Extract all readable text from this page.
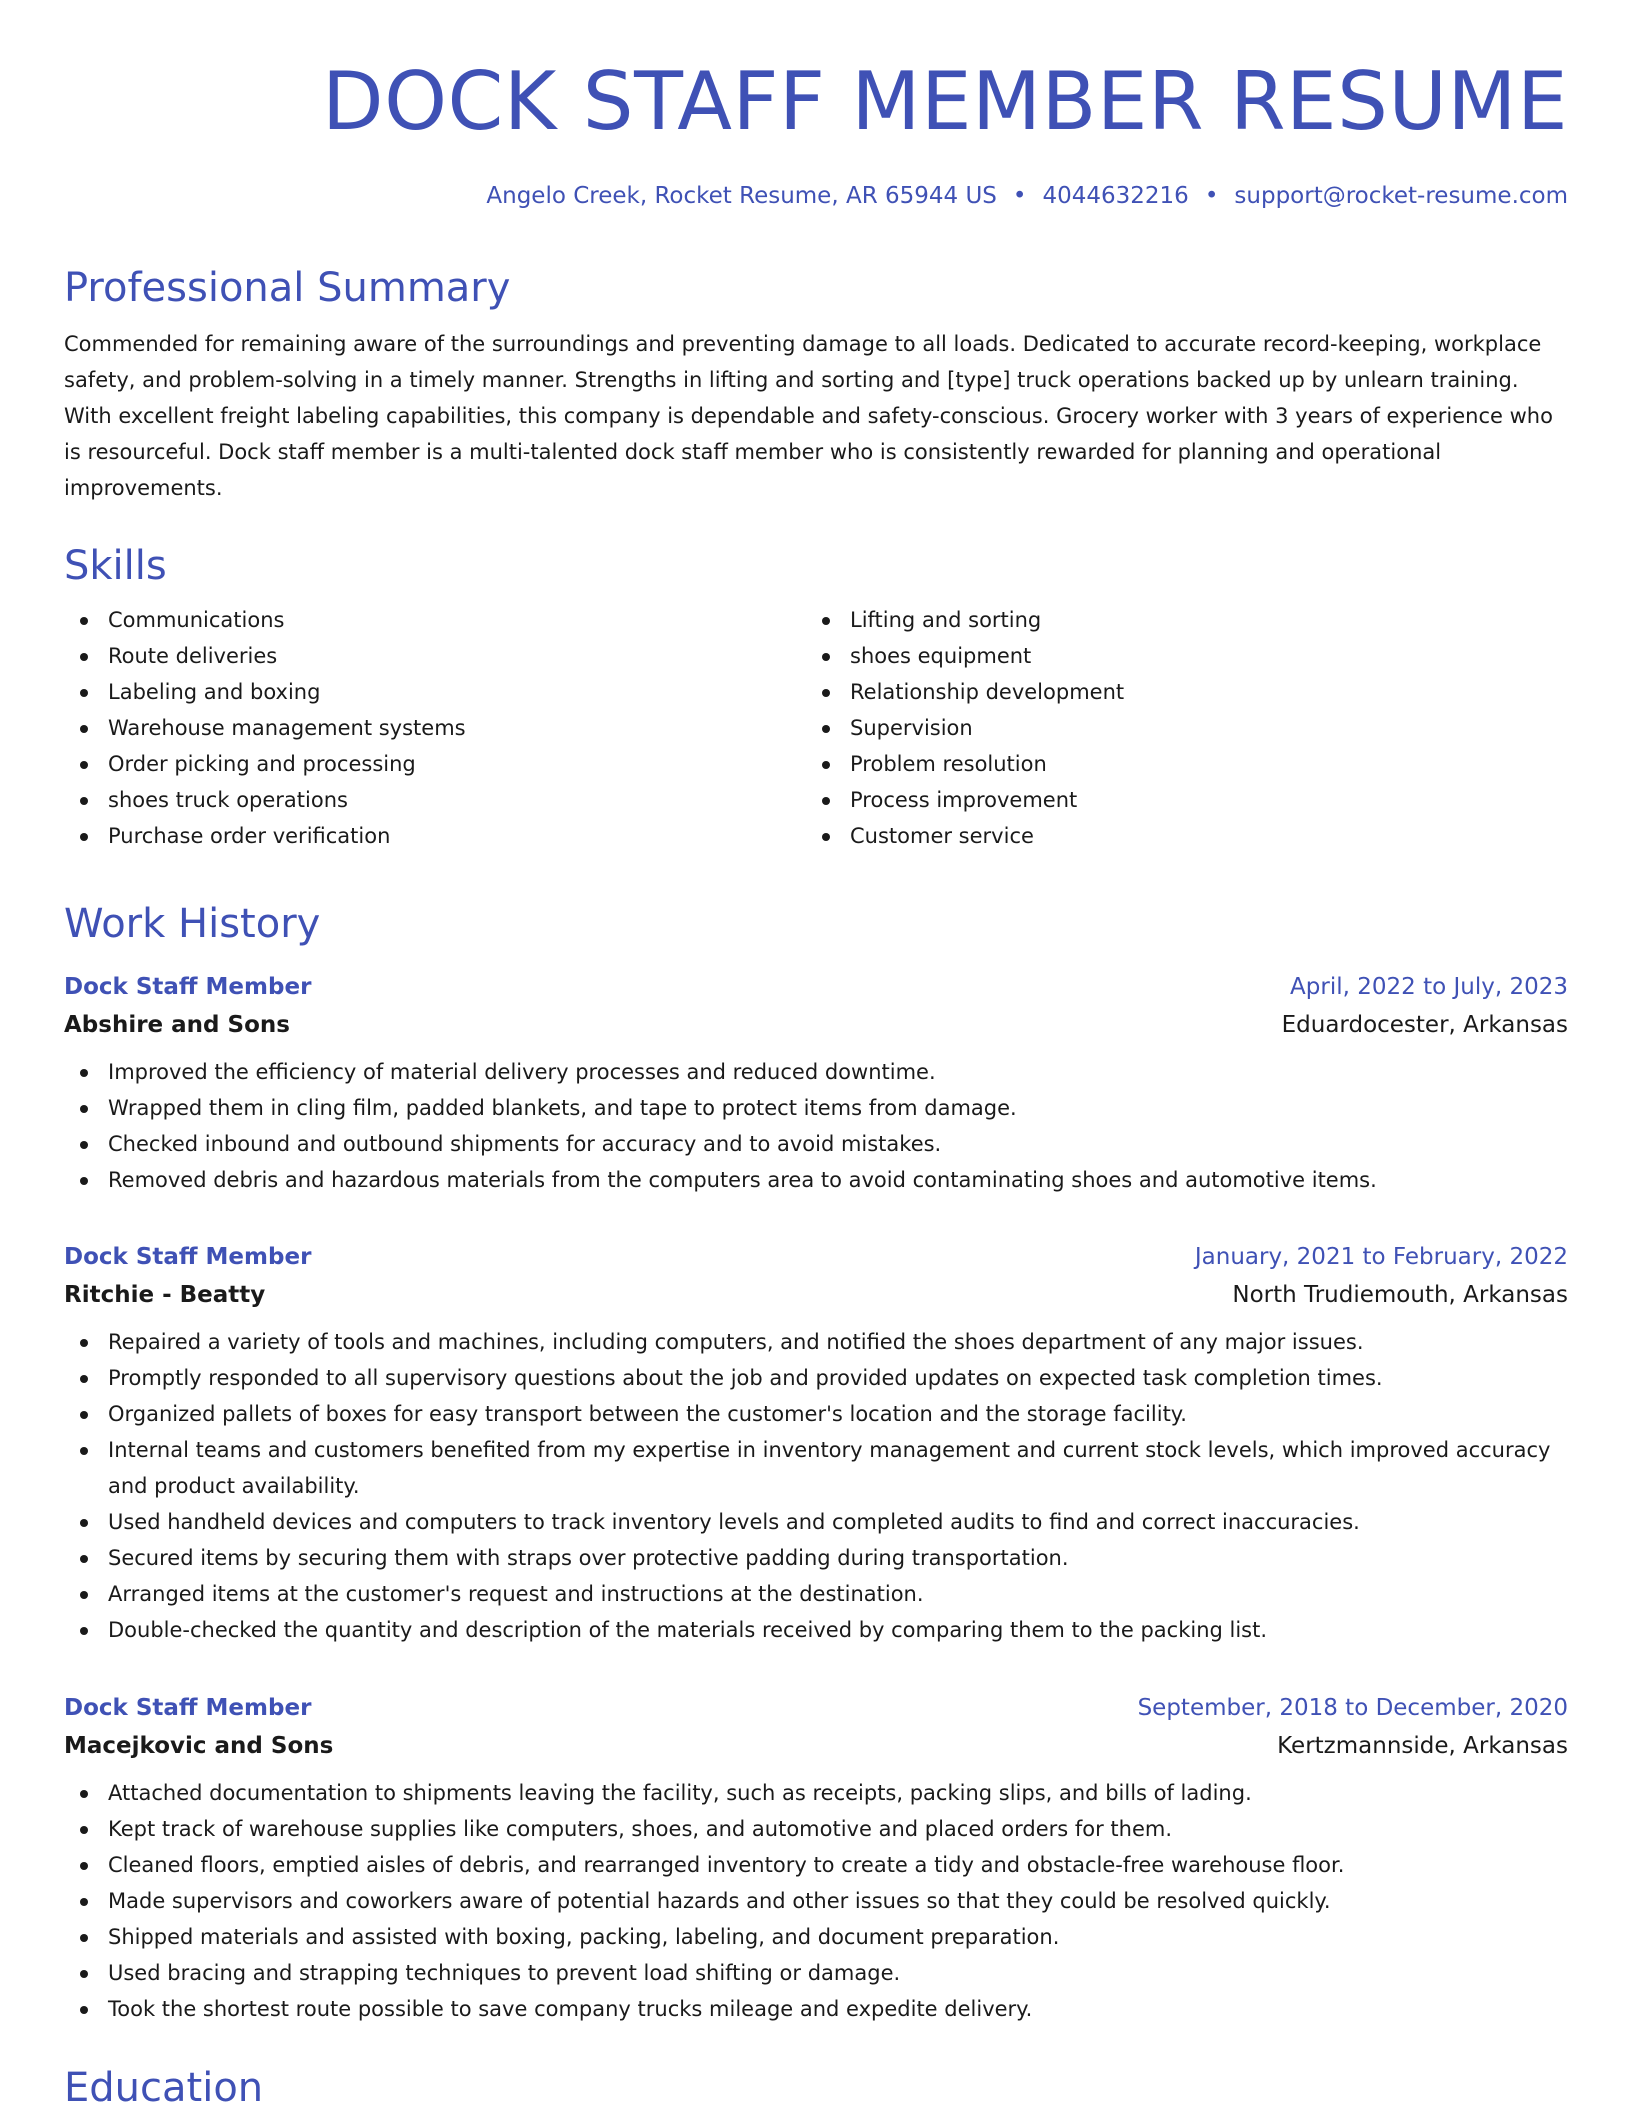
DOCK STAFF MEMBER RESUME
Angelo Creek, Rocket Resume, AR 65944 US • 4044632216 • support@rocket-resume.com
Professional Summary

Commended for remaining aware of the surroundings and preventing damage to all loads. Dedicated to accurate record-keeping, workplace safety, and problem-solving in a timely manner. Strengths in lifting and sorting and [type] truck operations backed up by unlearn training. With excellent freight labeling capabilities, this company is dependable and safety-conscious. Grocery worker with 3 years of experience who is resourceful. Dock staff member is a multi-talented dock staff member who is consistently rewarded for planning and operational improvements.

Skills
Communications
Route deliveries
Labeling and boxing
Warehouse management systems
Order picking and processing
shoes truck operations
Purchase order verification
Lifting and sorting
shoes equipment
Relationship development
Supervision
Problem resolution
Process improvement
Customer service
Work History
Dock Staff Member	April, 2022 to July, 2023
Abshire and Sons	Eduardocester, Arkansas
Improved the efficiency of material delivery processes and reduced downtime.
Wrapped them in cling film, padded blankets, and tape to protect items from damage.
Checked inbound and outbound shipments for accuracy and to avoid mistakes.
Removed debris and hazardous materials from the computers area to avoid contaminating shoes and automotive items.
Dock Staff Member	January, 2021 to February, 2022
Ritchie - Beatty	North Trudiemouth, Arkansas
Repaired a variety of tools and machines, including computers, and notified the shoes department of any major issues.
Promptly responded to all supervisory questions about the job and provided updates on expected task completion times.
Organized pallets of boxes for easy transport between the customer's location and the storage facility.
Internal teams and customers benefited from my expertise in inventory management and current stock levels, which improved accuracy and product availability.
Used handheld devices and computers to track inventory levels and completed audits to find and correct inaccuracies.
Secured items by securing them with straps over protective padding during transportation.
Arranged items at the customer's request and instructions at the destination.
Double-checked the quantity and description of the materials received by comparing them to the packing list.
Dock Staff Member	September, 2018 to December, 2020
Macejkovic and Sons	Kertzmannside, Arkansas
Attached documentation to shipments leaving the facility, such as receipts, packing slips, and bills of lading.
Kept track of warehouse supplies like computers, shoes, and automotive and placed orders for them.
Cleaned floors, emptied aisles of debris, and rearranged inventory to create a tidy and obstacle-free warehouse floor.
Made supervisors and coworkers aware of potential hazards and other issues so that they could be resolved quickly.
Shipped materials and assisted with boxing, packing, labeling, and document preparation.
Used bracing and strapping techniques to prevent load shifting or damage.
Took the shortest route possible to save company trucks mileage and expedite delivery.
Education
